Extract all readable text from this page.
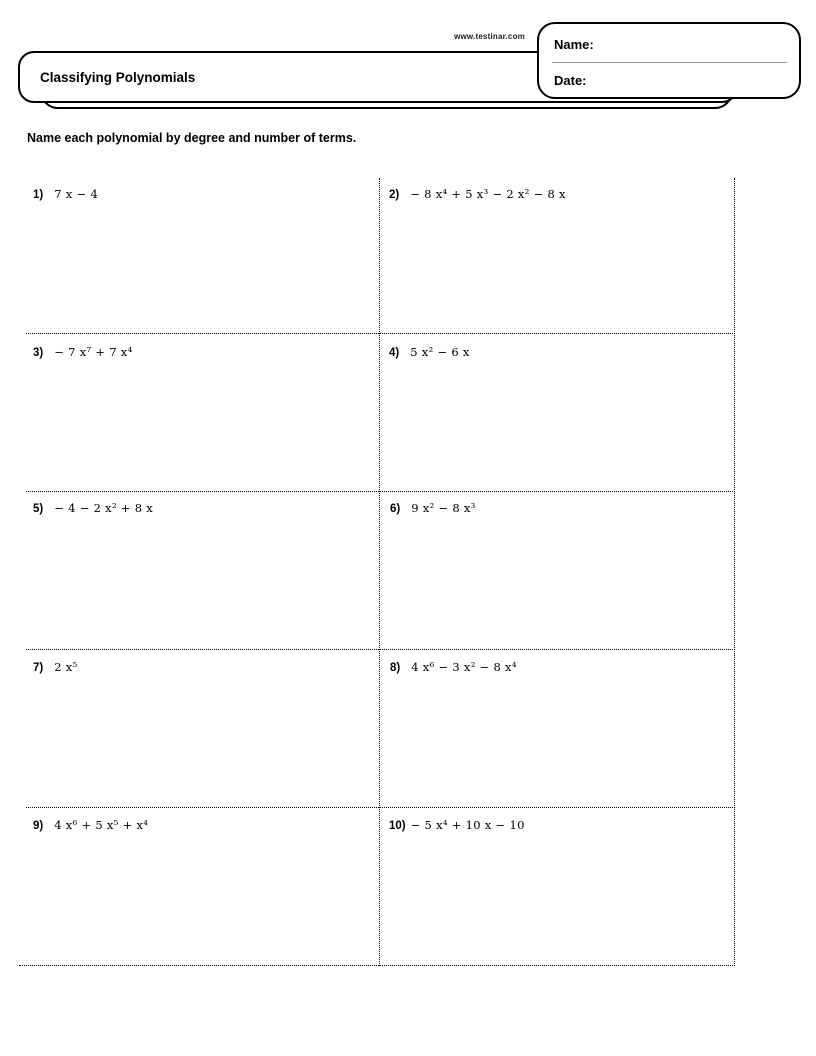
www.testinar.com
Classifying Polynomials
Name:
Date:
Name each polynomial by degree and number of terms.
1) 7 x − 4	2) − 8 x⁴ + 5 x³ − 2 x² − 8 x
3) − 7 x⁷ + 7 x⁴	4) 5 x² − 6 x
5) − 4 − 2 x² + 8 x	6) 9 x² − 8 x³
7) 2 x⁵	8) 4 x⁶ − 3 x² − 8 x⁴
9) 4 x⁶ + 5 x⁵ + x⁴	10) − 5 x⁴ + 10 x − 10
